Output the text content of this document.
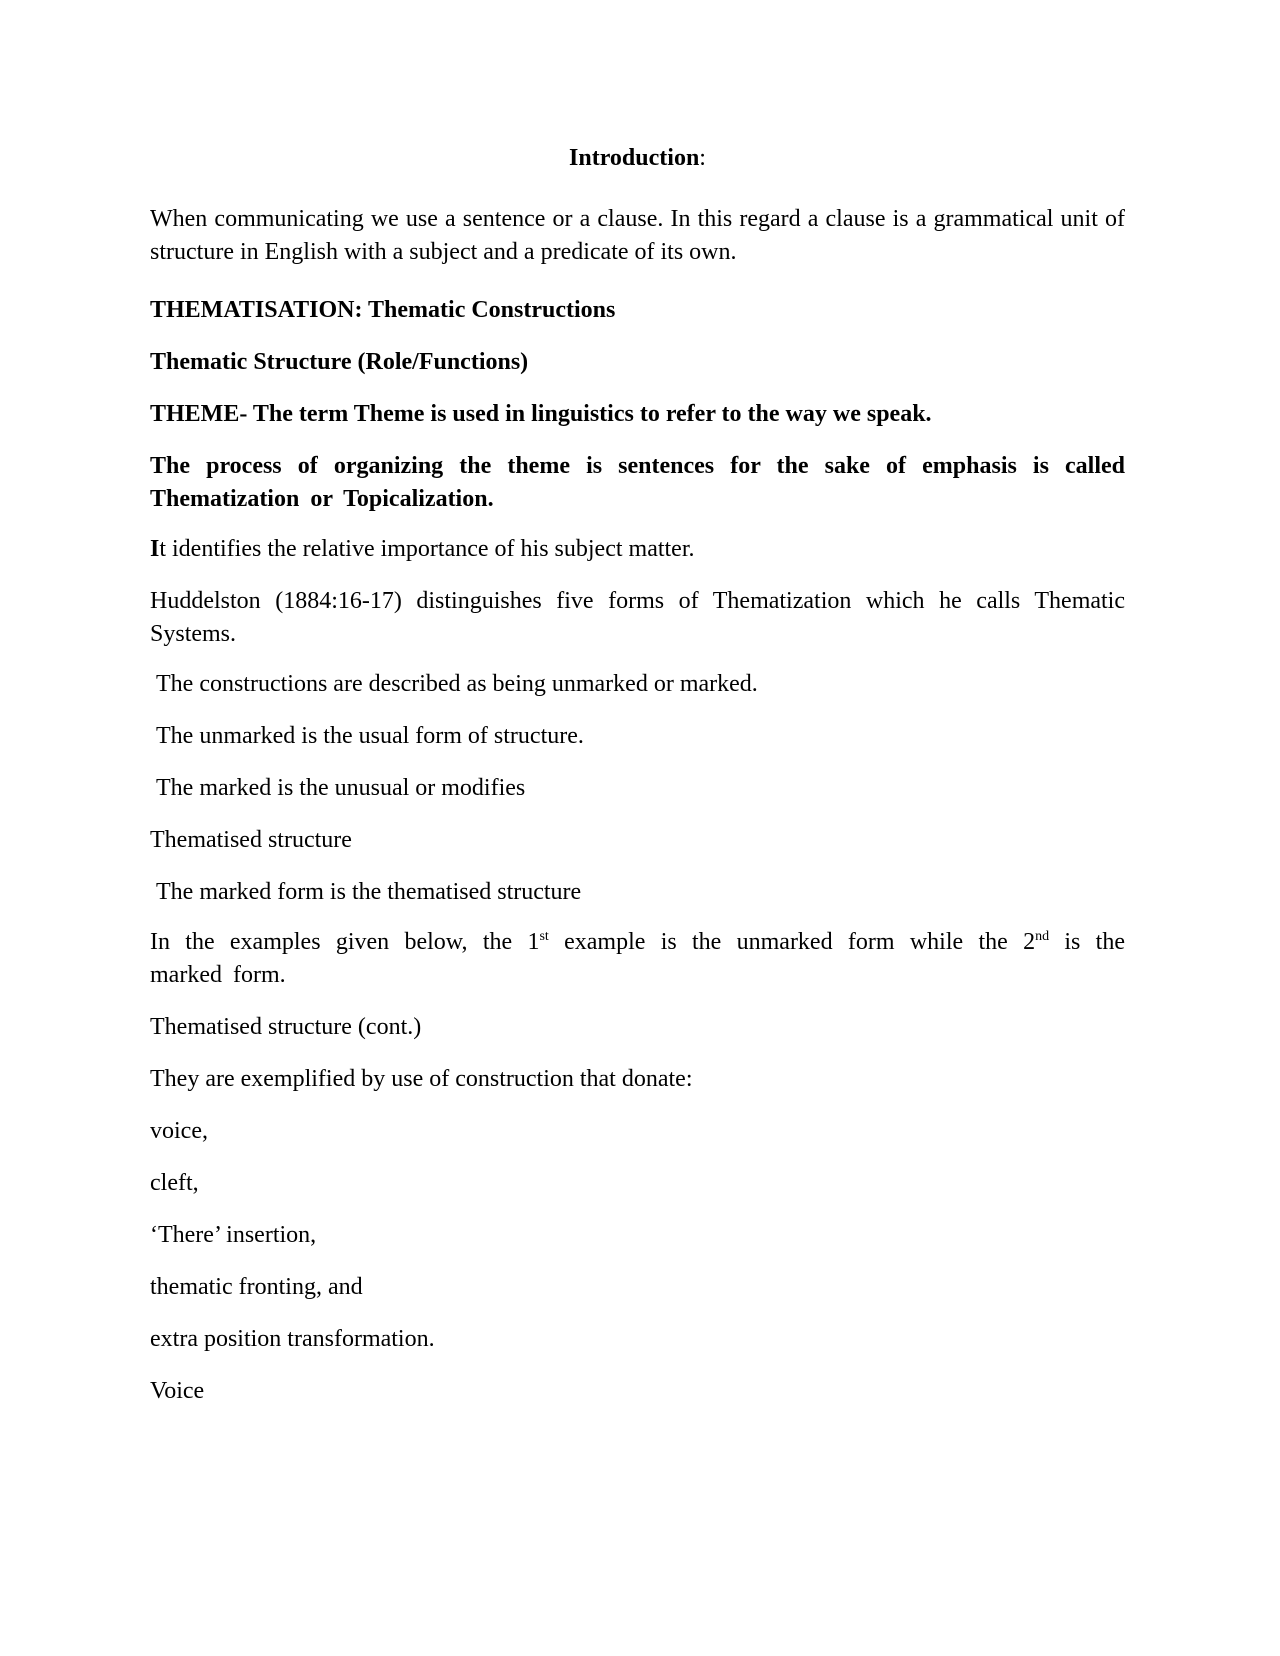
Introduction:

When communicating we use a sentence or a clause. In this regard a clause is a grammatical unit of structure in English with a subject and a predicate of its own.

THEMATISATION: Thematic Constructions

Thematic Structure (Role/Functions)

THEME- The term Theme is used in linguistics to refer to the way we speak.

The process of organizing the theme is sentences for the sake of emphasis is called Thematization or Topicalization.

It identifies the relative importance of his subject matter.

Huddelston (1884:16-17) distinguishes five forms of Thematization which he calls Thematic Systems.

The constructions are described as being unmarked or marked.

The unmarked is the usual form of structure.

The marked is the unusual or modifies

Thematised structure

The marked form is the thematised structure

In the examples given below, the 1st example is the unmarked form while the 2nd is the marked form.

Thematised structure (cont.)

They are exemplified by use of construction that donate:

voice,

cleft,

‘There’ insertion,

thematic fronting, and

extra position transformation.

Voice
